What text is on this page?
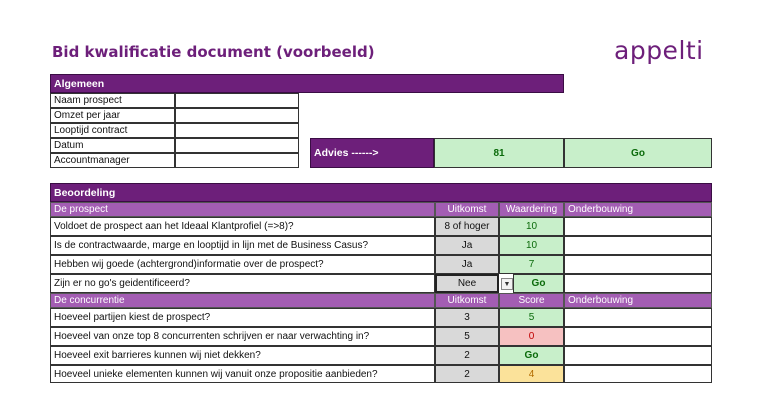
Bid kwalificatie document (voorbeeld)	appelti
Algemeen
Naam prospect
Omzet per jaar
Looptijd contract
Datum
Accountmanager
Advies ------>	81	Go
Beoordeling
De prospect	Uitkomst	Waardering	Onderbouwing
Voldoet de prospect aan het Ideaal Klantprofiel (=>8)?	8 of hoger	10
Is de contractwaarde, marge en looptijd in lijn met de Business Casus?	Ja	10
Hebben wij goede (achtergrond)informatie over de prospect?	Ja	7
Zijn er no go's geidentificeerd?	Nee	▼	Go
De concurrentie	Uitkomst	Score	Onderbouwing
Hoeveel partijen kiest de prospect?	3	5
Hoeveel van onze top 8 concurrenten schrijven er naar verwachting in?	5	0
Hoeveel exit barrieres kunnen wij niet dekken?	2	Go
Hoeveel unieke elementen kunnen wij vanuit onze propositie aanbieden?	2	4
